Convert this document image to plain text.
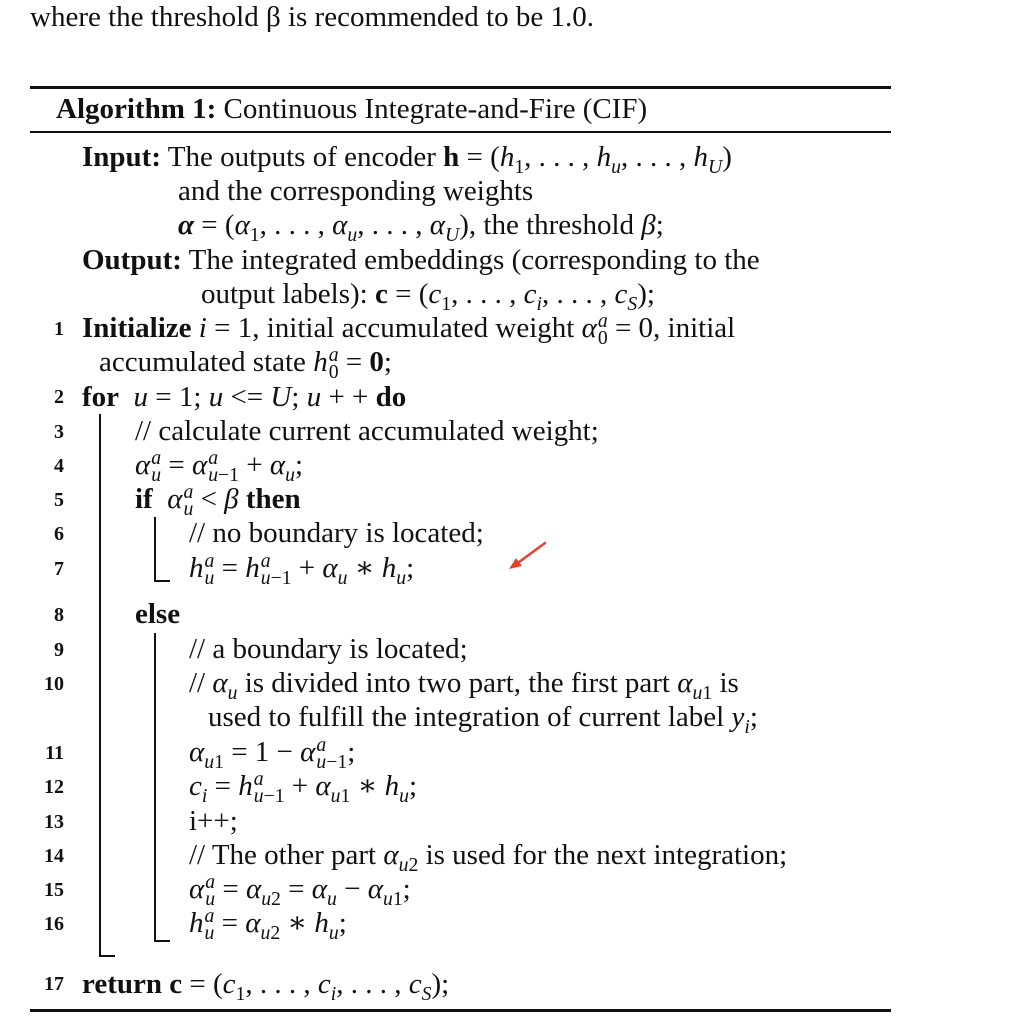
where the threshold β is recommended to be 1.0.
Algorithm 1: Continuous Integrate-and-Fire (CIF)
Input: The outputs of encoder $h = (h_1$, . . . , $h_u$, . . . , $h_U$)
and the corresponding weights
$\alpha = (\alpha_1$, . . . , $\alpha_u$, . . . , $\alpha_U$), the threshold β;
Output: The integrated embeddings (corresponding to the
output labels): $c = (c_1$, . . . , $c_i$, . . . , $c_S$);
1
2
3
4
5
6
7
8
9
10
11
12
13
14
15
16
17
Initialize i = 1, initial accumulated weight α a
0 = 0, initial
accumulated state h a
0 = 0;
for u = 1; u <= U; u + + do
// calculate current accumulated weight;
α a
u = α a
$u-1 + \alpha_u$;
if α a
u < β then
// no boundary is located;
h a
u = h a
$u-1 + \alpha_u$ ∗ $h_u$;
else
// a boundary is located;
// $\alpha_u$ is divided into two part, the first part $\alpha_{u1}$ is
used to fulfill the integration of current label $y_i$;
$\alpha_{u1} = 1 - \alpha$ a
u−1 ;
$c_i = h$ a
$u-1 + \alpha_{u1}$ ∗ $h_u$;
i++;
// The other part $\alpha_{u2}$ is used for the next integration;
α a
$u = \alpha_{u2} = \alpha_u - \alpha_{u1}$;
h a
$u = \alpha_{u2}$ ∗ $h_u$;
return $c = (c_1$, . . . , $c_i$, . . . , $c_S$);
